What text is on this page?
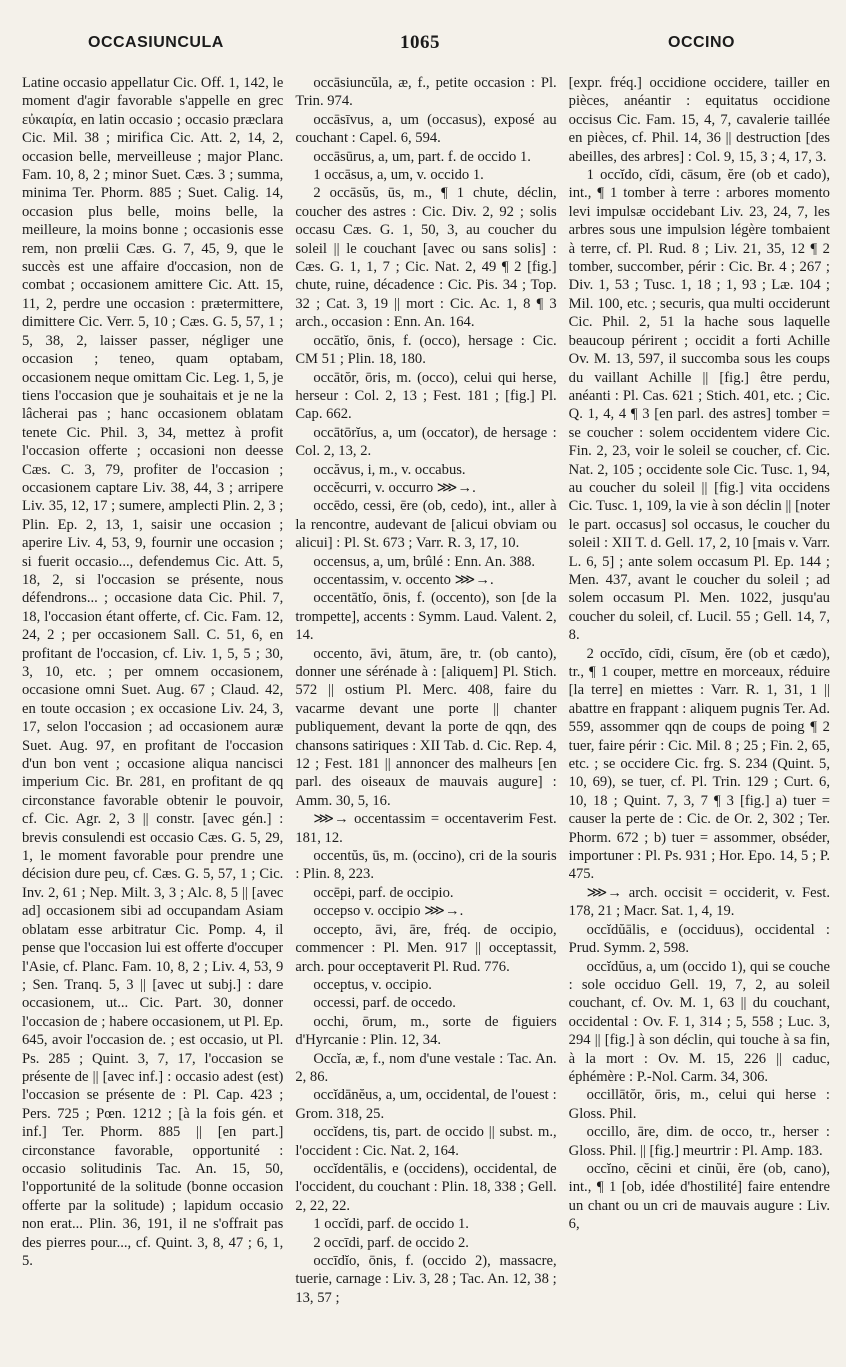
OCCASIUNCULA	1065	OCCINO

Latine occasio appellatur Cic. Off. 1, 142, le moment d'agir favorable s'appelle en grec εὐκαιρία, en latin occasio ; occasio præclara Cic. Mil. 38 ; mirifica Cic. Att. 2, 14, 2, occasion belle, merveilleuse ; major Planc. Fam. 10, 8, 2 ; minor Suet. Cæs. 3 ; summa, minima Ter. Phorm. 885 ; Suet. Calig. 14, occasion plus belle, moins belle, la meilleure, la moins bonne ; occasionis esse rem, non prœlii Cæs. G. 7, 45, 9, que le succès est une affaire d'occasion, non de combat ; occasionem amittere Cic. Att. 15, 11, 2, perdre une occasion : prætermittere, dimittere Cic. Verr. 5, 10 ; Cæs. G. 5, 57, 1 ; 5, 38, 2, laisser passer, négliger une occasion ; teneo, quam optabam, occasionem neque omittam Cic. Leg. 1, 5, je tiens l'occasion que je souhaitais et je ne la lâcherai pas ; hanc occasionem oblatam tenete Cic. Phil. 3, 34, mettez à profit l'occasion offerte ; occasioni non deesse Cæs. C. 3, 79, profiter de l'occasion ; occasionem captare Liv. 38, 44, 3 ; arripere Liv. 35, 12, 17 ; sumere, amplecti Plin. 2, 3 ; Plin. Ep. 2, 13, 1, saisir une occasion ; aperire Liv. 4, 53, 9, fournir une occasion ; si fuerit occasio..., defendemus Cic. Att. 5, 18, 2, si l'occasion se présente, nous défendrons... ; occasione data Cic. Phil. 7, 18, l'occasion étant offerte, cf. Cic. Fam. 12, 24, 2 ; per occasionem Sall. C. 51, 6, en profitant de l'occasion, cf. Liv. 1, 5, 5 ; 30, 3, 10, etc. ; per omnem occasionem, occasione omni Suet. Aug. 67 ; Claud. 42, en toute occasion ; ex occasione Liv. 24, 3, 17, selon l'occasion ; ad occasionem auræ Suet. Aug. 97, en profitant de l'occasion d'un bon vent ; occasione aliqua nancisci imperium Cic. Br. 281, en profitant de qq circonstance favorable obtenir le pouvoir, cf. Cic. Agr. 2, 3 || constr. [avec gén.] : brevis consulendi est occasio Cæs. G. 5, 29, 1, le moment favorable pour prendre une décision dure peu, cf. Cæs. G. 5, 57, 1 ; Cic. Inv. 2, 61 ; Nep. Milt. 3, 3 ; Alc. 8, 5 || [avec ad] occasionem sibi ad occupandam Asiam oblatam esse arbitratur Cic. Pomp. 4, il pense que l'occasion lui est offerte d'occuper l'Asie, cf. Planc. Fam. 10, 8, 2 ; Liv. 4, 53, 9 ; Sen. Tranq. 5, 3 || [avec ut subj.] : dare occasionem, ut... Cic. Part. 30, donner l'occasion de ; habere occasionem, ut Pl. Ep. 645, avoir l'occasion de. ; est occasio, ut Pl. Ps. 285 ; Quint. 3, 7, 17, l'occasion se présente de || [avec inf.] : occasio adest (est) l'occasion se présente de : Pl. Cap. 423 ; Pers. 725 ; Pœn. 1212 ; [à la fois gén. et inf.] Ter. Phorm. 885 || [en part.] circonstance favorable, opportunité : occasio solitudinis Tac. An. 15, 50, l'opportunité de la solitude (bonne occasion offerte par la solitude) ; lapidum occasio non erat... Plin. 36, 191, il ne s'offrait pas des pierres pour..., cf. Quint. 3, 8, 47 ; 6, 1, 5.

occāsiuncŭla, æ, f., petite occasion : Pl. Trin. 974.

occāsīvus, a, um (occasus), exposé au couchant : Capel. 6, 594.

occāsūrus, a, um, part. f. de occido 1.

1 occāsus, a, um, v. occido 1.

2 occāsŭs, ūs, m., ¶ 1 chute, déclin, coucher des astres : Cic. Div. 2, 92 ; solis occasu Cæs. G. 1, 50, 3, au coucher du soleil || le couchant [avec ou sans solis] : Cæs. G. 1, 1, 7 ; Cic. Nat. 2, 49 ¶ 2 [fig.] chute, ruine, décadence : Cic. Pis. 34 ; Top. 32 ; Cat. 3, 19 || mort : Cic. Ac. 1, 8 ¶ 3 arch., occasion : Enn. An. 164.

occātĭo, ōnis, f. (occo), hersage : Cic. CM 51 ; Plin. 18, 180.

occātŏr, ōris, m. (occo), celui qui herse, herseur : Col. 2, 13 ; Fest. 181 ; [fig.] Pl. Cap. 662.

occātōrĭus, a, um (occator), de hersage : Col. 2, 13, 2.

occăvus, i, m., v. occabus.

occĕcurri, v. occurro ⋙→.

occēdo, cessi, ēre (ob, cedo), int., aller à la rencontre, audevant de [alicui obviam ou alicui] : Pl. St. 673 ; Varr. R. 3, 17, 10.

occensus, a, um, brûlé : Enn. An. 388.

occentassim, v. occento ⋙→.

occentātĭo, ōnis, f. (occento), son [de la trompette], accents : Symm. Laud. Valent. 2, 14.

occento, āvi, ātum, āre, tr. (ob canto), donner une sérénade à : [aliquem] Pl. Stich. 572 || ostium Pl. Merc. 408, faire du vacarme devant une porte || chanter publiquement, devant la porte de qqn, des chansons satiriques : XII Tab. d. Cic. Rep. 4, 12 ; Fest. 181 || annoncer des malheurs [en parl. des oiseaux de mauvais augure] : Amm. 30, 5, 16.

⋙→ occentassim = occentaverim Fest. 181, 12.

occentŭs, ūs, m. (occino), cri de la souris : Plin. 8, 223.

occēpi, parf. de occipio.

occepso v. occipio ⋙→.

occepto, āvi, āre, fréq. de occipio, commencer : Pl. Men. 917 || occeptassit, arch. pour occeptaverit Pl. Rud. 776.

occeptus, v. occipio.

occessi, parf. de occedo.

occhi, ōrum, m., sorte de figuiers d'Hyrcanie : Plin. 12, 34.

Occĭa, æ, f., nom d'une vestale : Tac. An. 2, 86.

occĭdānĕus, a, um, occidental, de l'ouest : Grom. 318, 25.

occĭdens, tis, part. de occido || subst. m., l'occident : Cic. Nat. 2, 164.

occĭdentālis, e (occidens), occidental, de l'occident, du couchant : Plin. 18, 338 ; Gell. 2, 22, 22.

1 occĭdi, parf. de occido 1.

2 occīdi, parf. de occido 2.

occīdĭo, ōnis, f. (occido 2), massacre, tuerie, carnage : Liv. 3, 28 ; Tac. An. 12, 38 ; 13, 57 ;

[expr. fréq.] occidione occidere, tailler en pièces, anéantir : equitatus occidione occisus Cic. Fam. 15, 4, 7, cavalerie taillée en pièces, cf. Phil. 14, 36 || destruction [des abeilles, des arbres] : Col. 9, 15, 3 ; 4, 17, 3.

1 occĭdo, cĭdi, cāsum, ĕre (ob et cado), int., ¶ 1 tomber à terre : arbores momento levi impulsæ occidebant Liv. 23, 24, 7, les arbres sous une impulsion légère tombaient à terre, cf. Pl. Rud. 8 ; Liv. 21, 35, 12 ¶ 2 tomber, succomber, périr : Cic. Br. 4 ; 267 ; Div. 1, 53 ; Tusc. 1, 18 ; 1, 93 ; Læ. 104 ; Mil. 100, etc. ; securis, qua multi occiderunt Cic. Phil. 2, 51 la hache sous laquelle beaucoup périrent ; occidit a forti Achille Ov. M. 13, 597, il succomba sous les coups du vaillant Achille || [fig.] être perdu, anéanti : Pl. Cas. 621 ; Stich. 401, etc. ; Cic. Q. 1, 4, 4 ¶ 3 [en parl. des astres] tomber = se coucher : solem occidentem videre Cic. Fin. 2, 23, voir le soleil se coucher, cf. Cic. Nat. 2, 105 ; occidente sole Cic. Tusc. 1, 94, au coucher du soleil || [fig.] vita occidens Cic. Tusc. 1, 109, la vie à son déclin || [noter le part. occasus] sol occasus, le coucher du soleil : XII T. d. Gell. 17, 2, 10 [mais v. Varr. L. 6, 5] ; ante solem occasum Pl. Ep. 144 ; Men. 437, avant le coucher du soleil ; ad solem occasum Pl. Men. 1022, jusqu'au coucher du soleil, cf. Lucil. 55 ; Gell. 14, 7, 8.

2 occīdo, cīdi, cīsum, ĕre (ob et cædo), tr., ¶ 1 couper, mettre en morceaux, réduire [la terre] en miettes : Varr. R. 1, 31, 1 || abattre en frappant : aliquem pugnis Ter. Ad. 559, assommer qqn de coups de poing ¶ 2 tuer, faire périr : Cic. Mil. 8 ; 25 ; Fin. 2, 65, etc. ; se occidere Cic. frg. S. 234 (Quint. 5, 10, 69), se tuer, cf. Pl. Trin. 129 ; Curt. 6, 10, 18 ; Quint. 7, 3, 7 ¶ 3 [fig.] a) tuer = causer la perte de : Cic. de Or. 2, 302 ; Ter. Phorm. 672 ; b) tuer = assommer, obséder, importuner : Pl. Ps. 931 ; Hor. Epo. 14, 5 ; P. 475.

⋙→ arch. occisit = occiderit, v. Fest. 178, 21 ; Macr. Sat. 1, 4, 19.

occĭdŭālis, e (occiduus), occidental : Prud. Symm. 2, 598.

occĭdŭus, a, um (occido 1), qui se couche : sole occiduo Gell. 19, 7, 2, au soleil couchant, cf. Ov. M. 1, 63 || du couchant, occidental : Ov. F. 1, 314 ; 5, 558 ; Luc. 3, 294 || [fig.] à son déclin, qui touche à sa fin, à la mort : Ov. M. 15, 226 || caduc, éphémère : P.-Nol. Carm. 34, 306.

occillātŏr, ōris, m., celui qui herse : Gloss. Phil.

occillo, āre, dim. de occo, tr., herser : Gloss. Phil. || [fig.] meurtrir : Pl. Amp. 183.

occĭno, cĕcini et cinŭi, ĕre (ob, cano), int., ¶ 1 [ob, idée d'hostilité] faire entendre un chant ou un cri de mauvais augure : Liv. 6,
